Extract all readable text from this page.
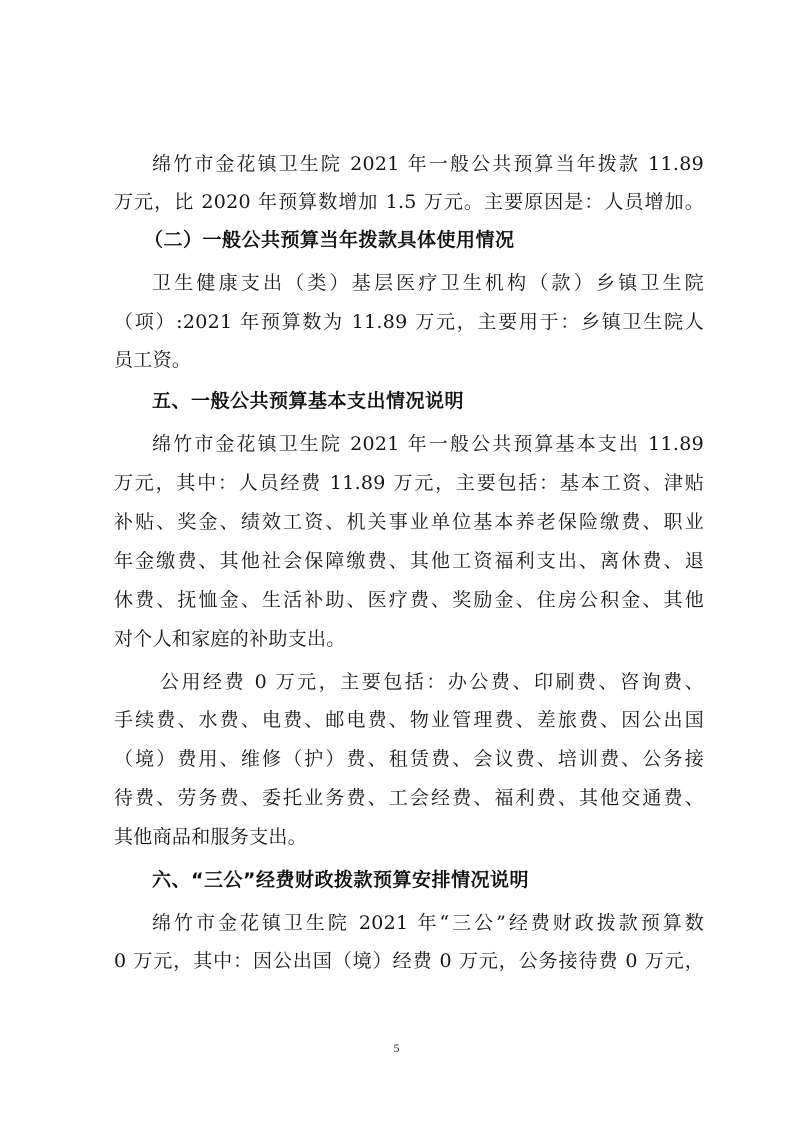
绵竹市金花镇卫生院 2021 年一般公共预算当年拨款 11.89
万元，比 2020 年预算数增加 1.5 万元。主要原因是：人员增加。
（二）一般公共预算当年拨款具体使用情况
卫生健康支出（类）基层医疗卫生机构（款）乡镇卫生院
（项）:2021 年预算数为 11.89 万元，主要用于：乡镇卫生院人
员工资。
五、一般公共预算基本支出情况说明
绵竹市金花镇卫生院 2021 年一般公共预算基本支出 11.89
万元，其中：人员经费 11.89 万元，主要包括：基本工资、津贴
补贴、奖金、绩效工资、机关事业单位基本养老保险缴费、职业
年金缴费、其他社会保障缴费、其他工资福利支出、离休费、退
休费、抚恤金、生活补助、医疗费、奖励金、住房公积金、其他
对个人和家庭的补助支出。
公用经费 0 万元，主要包括：办公费、印刷费、咨询费、
手续费、水费、电费、邮电费、物业管理费、差旅费、因公出国
（境）费用、维修（护）费、租赁费、会议费、培训费、公务接
待费、劳务费、委托业务费、工会经费、福利费、其他交通费、
其他商品和服务支出。
六、“三公”经费财政拨款预算安排情况说明
绵竹市金花镇卫生院 2021 年“三公”经费财政拨款预算数
0 万元，其中：因公出国（境）经费 0 万元，公务接待费 0 万元，
5
